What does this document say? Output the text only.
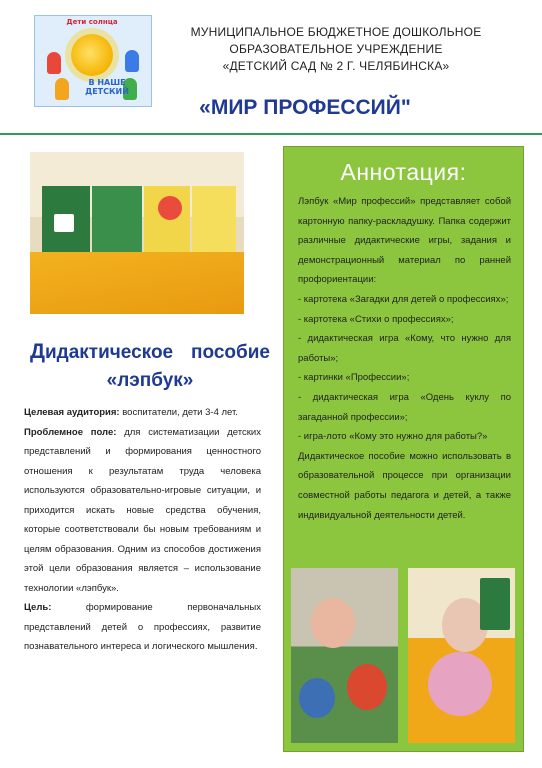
Дети солнца
В НАШЕ ДЕТСКИЙ
МУНИЦИПАЛЬНОЕ БЮДЖЕТНОЕ ДОШКОЛЬНОЕ
ОБРАЗОВАТЕЛЬНОЕ УЧРЕЖДЕНИЕ
«ДЕТСКИЙ САД № 2 Г. ЧЕЛЯБИНСКА»
«МИР ПРОФЕССИЙ"
Дидактическое пособие
«лэпбук»

Целевая аудитория: воспитатели, дети 3-4 лет.

Проблемное поле: для систематизации детских представлений и формирования ценностного отношения к результатам труда человека используются образовательно-игровые ситуации, и приходится искать новые средства обучения, которые соответствовали бы новым требованиям и целям образования. Одним из способов достижения этой цели образования является – использование технологии «лэпбук».

Цель: формирование первоначальных представлений детей о профессиях, развитие познавательного интереса и логического мышления.

Аннотация:

Лэпбук «Мир профессий» представляет собой картонную папку-раскладушку. Папка содержит различные дидактические игры, задания и демонстрационный материал по ранней профориентации:

- картотека «Загадки для детей о профессиях»;

- картотека «Стихи о профессиях»;

- дидактическая игра «Кому, что нужно для работы»;

- картинки «Профессии»;

- дидактическая игра «Одень куклу по загаданной профессии»;

- игра-лото «Кому это нужно для работы?»

Дидактическое пособие можно использовать в образовательной процессе при организации совместной работы педагога и детей, а также индивидуальной деятельности детей.
